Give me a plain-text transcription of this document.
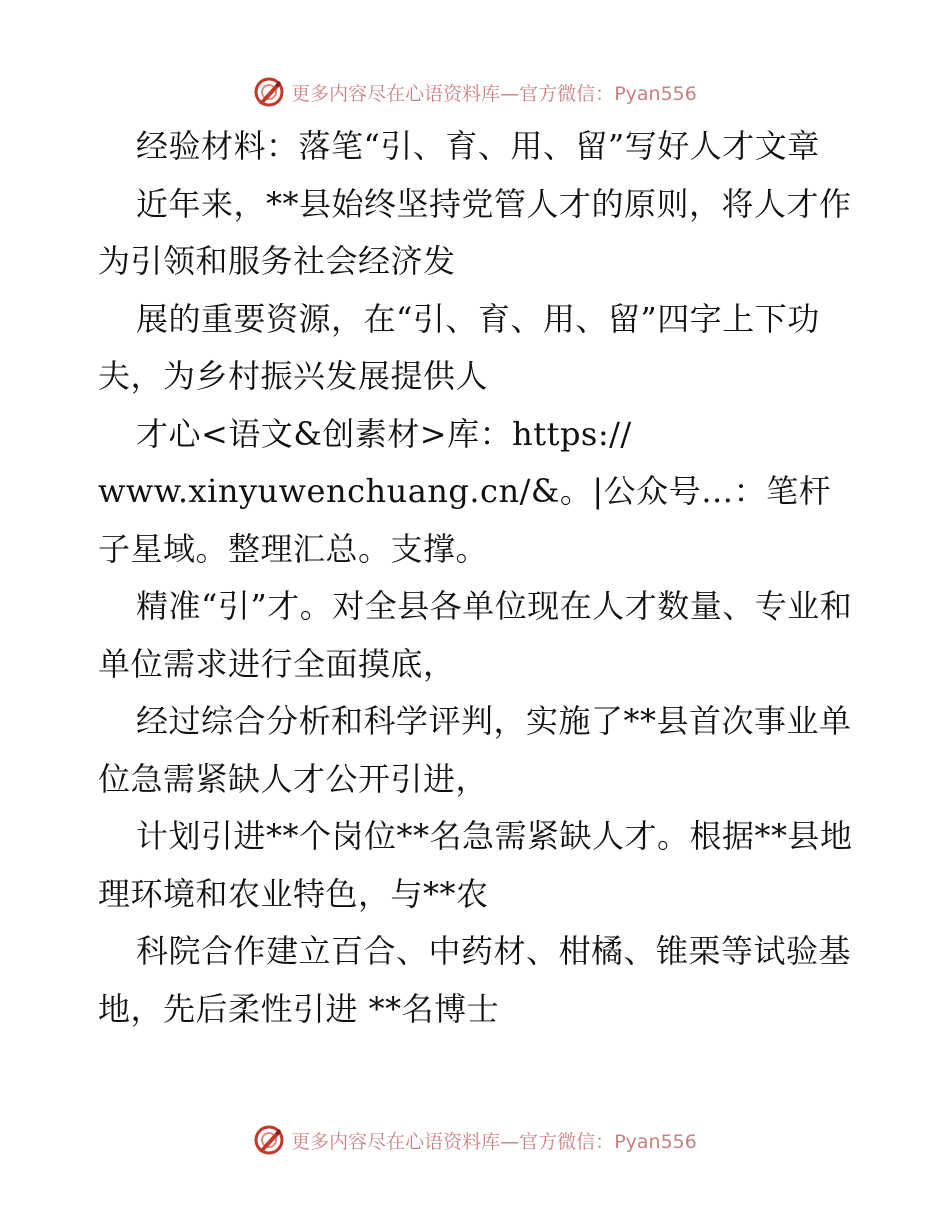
更多内容尽在心语资料库—官方微信：Pyan556

经验材料：落笔“引、育、用、留”写好人才文章

近年来，**县始终坚持党管人才的原则，将人才作为引领和服务社会经济发

展的重要资源，在“引、育、用、留”四字上下功夫，为乡村振兴发展提供人

才心<语文&创素材>库：https://

www.xinyuwenchuang.cn/&。|公众号…：笔杆子星域。整理汇总。支撑。

精准“引”才。对全县各单位现在人才数量、专业和单位需求进行全面摸底，

经过综合分析和科学评判，实施了**县首次事业单位急需紧缺人才公开引进，

计划引进**个岗位**名急需紧缺人才。根据**县地理环境和农业特色，与**农

科院合作建立百合、中药材、柑橘、锥栗等试验基地，先后柔性引进 **名博士

更多内容尽在心语资料库—官方微信：Pyan556
